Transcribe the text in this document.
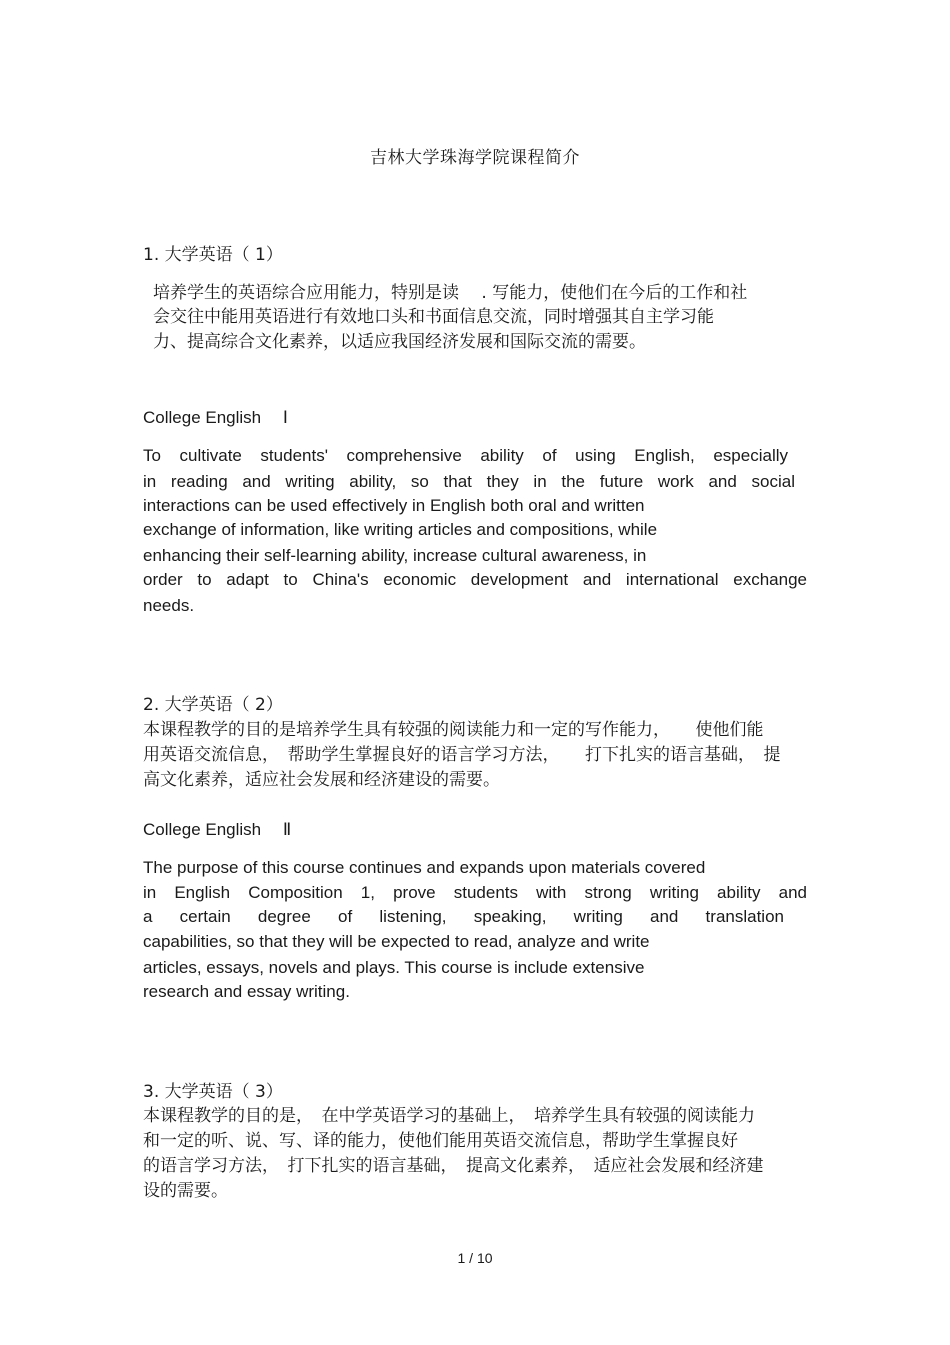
吉林大学珠海学院课程简介
1. 大学英语（ 1）
培养学生的英语综合应用能力，特别是读 　. 写能力，使他们在今后的工作和社
会交往中能用英语进行有效地口头和书面信息交流，同时增强其自主学习能
力、提高综合文化素养，以适应我国经济发展和国际交流的需要。
College English 　Ⅰ
To cultivate students' comprehensive ability of using English, especially
in reading and writing ability, so that they in the future work and social
interactions can be used effectively in English both oral and written
exchange of information, like writing articles and compositions, while
enhancing their self-learning ability, increase cultural awareness, in
order to adapt to China's economic development and international exchange
needs.
2. 大学英语（ 2）
本课程教学的目的是培养学生具有较强的阅读能力和一定的写作能力，　　使他们能
用英语交流信息，　帮助学生掌握良好的语言学习方法，　　打下扎实的语言基础，　提
高文化素养，适应社会发展和经济建设的需要。
College English 　Ⅱ
The purpose of this course continues and expands upon materials covered
in English Composition 1, prove students with strong writing ability and
a certain degree of listening, speaking, writing and translation
capabilities, so that they will be expected to read, analyze and write
articles, essays, novels and plays. This course is include extensive
research and essay writing.
3. 大学英语（ 3）
本课程教学的目的是，　在中学英语学习的基础上，　培养学生具有较强的阅读能力
和一定的听、说、写、译的能力，使他们能用英语交流信息，帮助学生掌握良好
的语言学习方法，　打下扎实的语言基础，　提高文化素养，　适应社会发展和经济建
设的需要。
1 / 10
